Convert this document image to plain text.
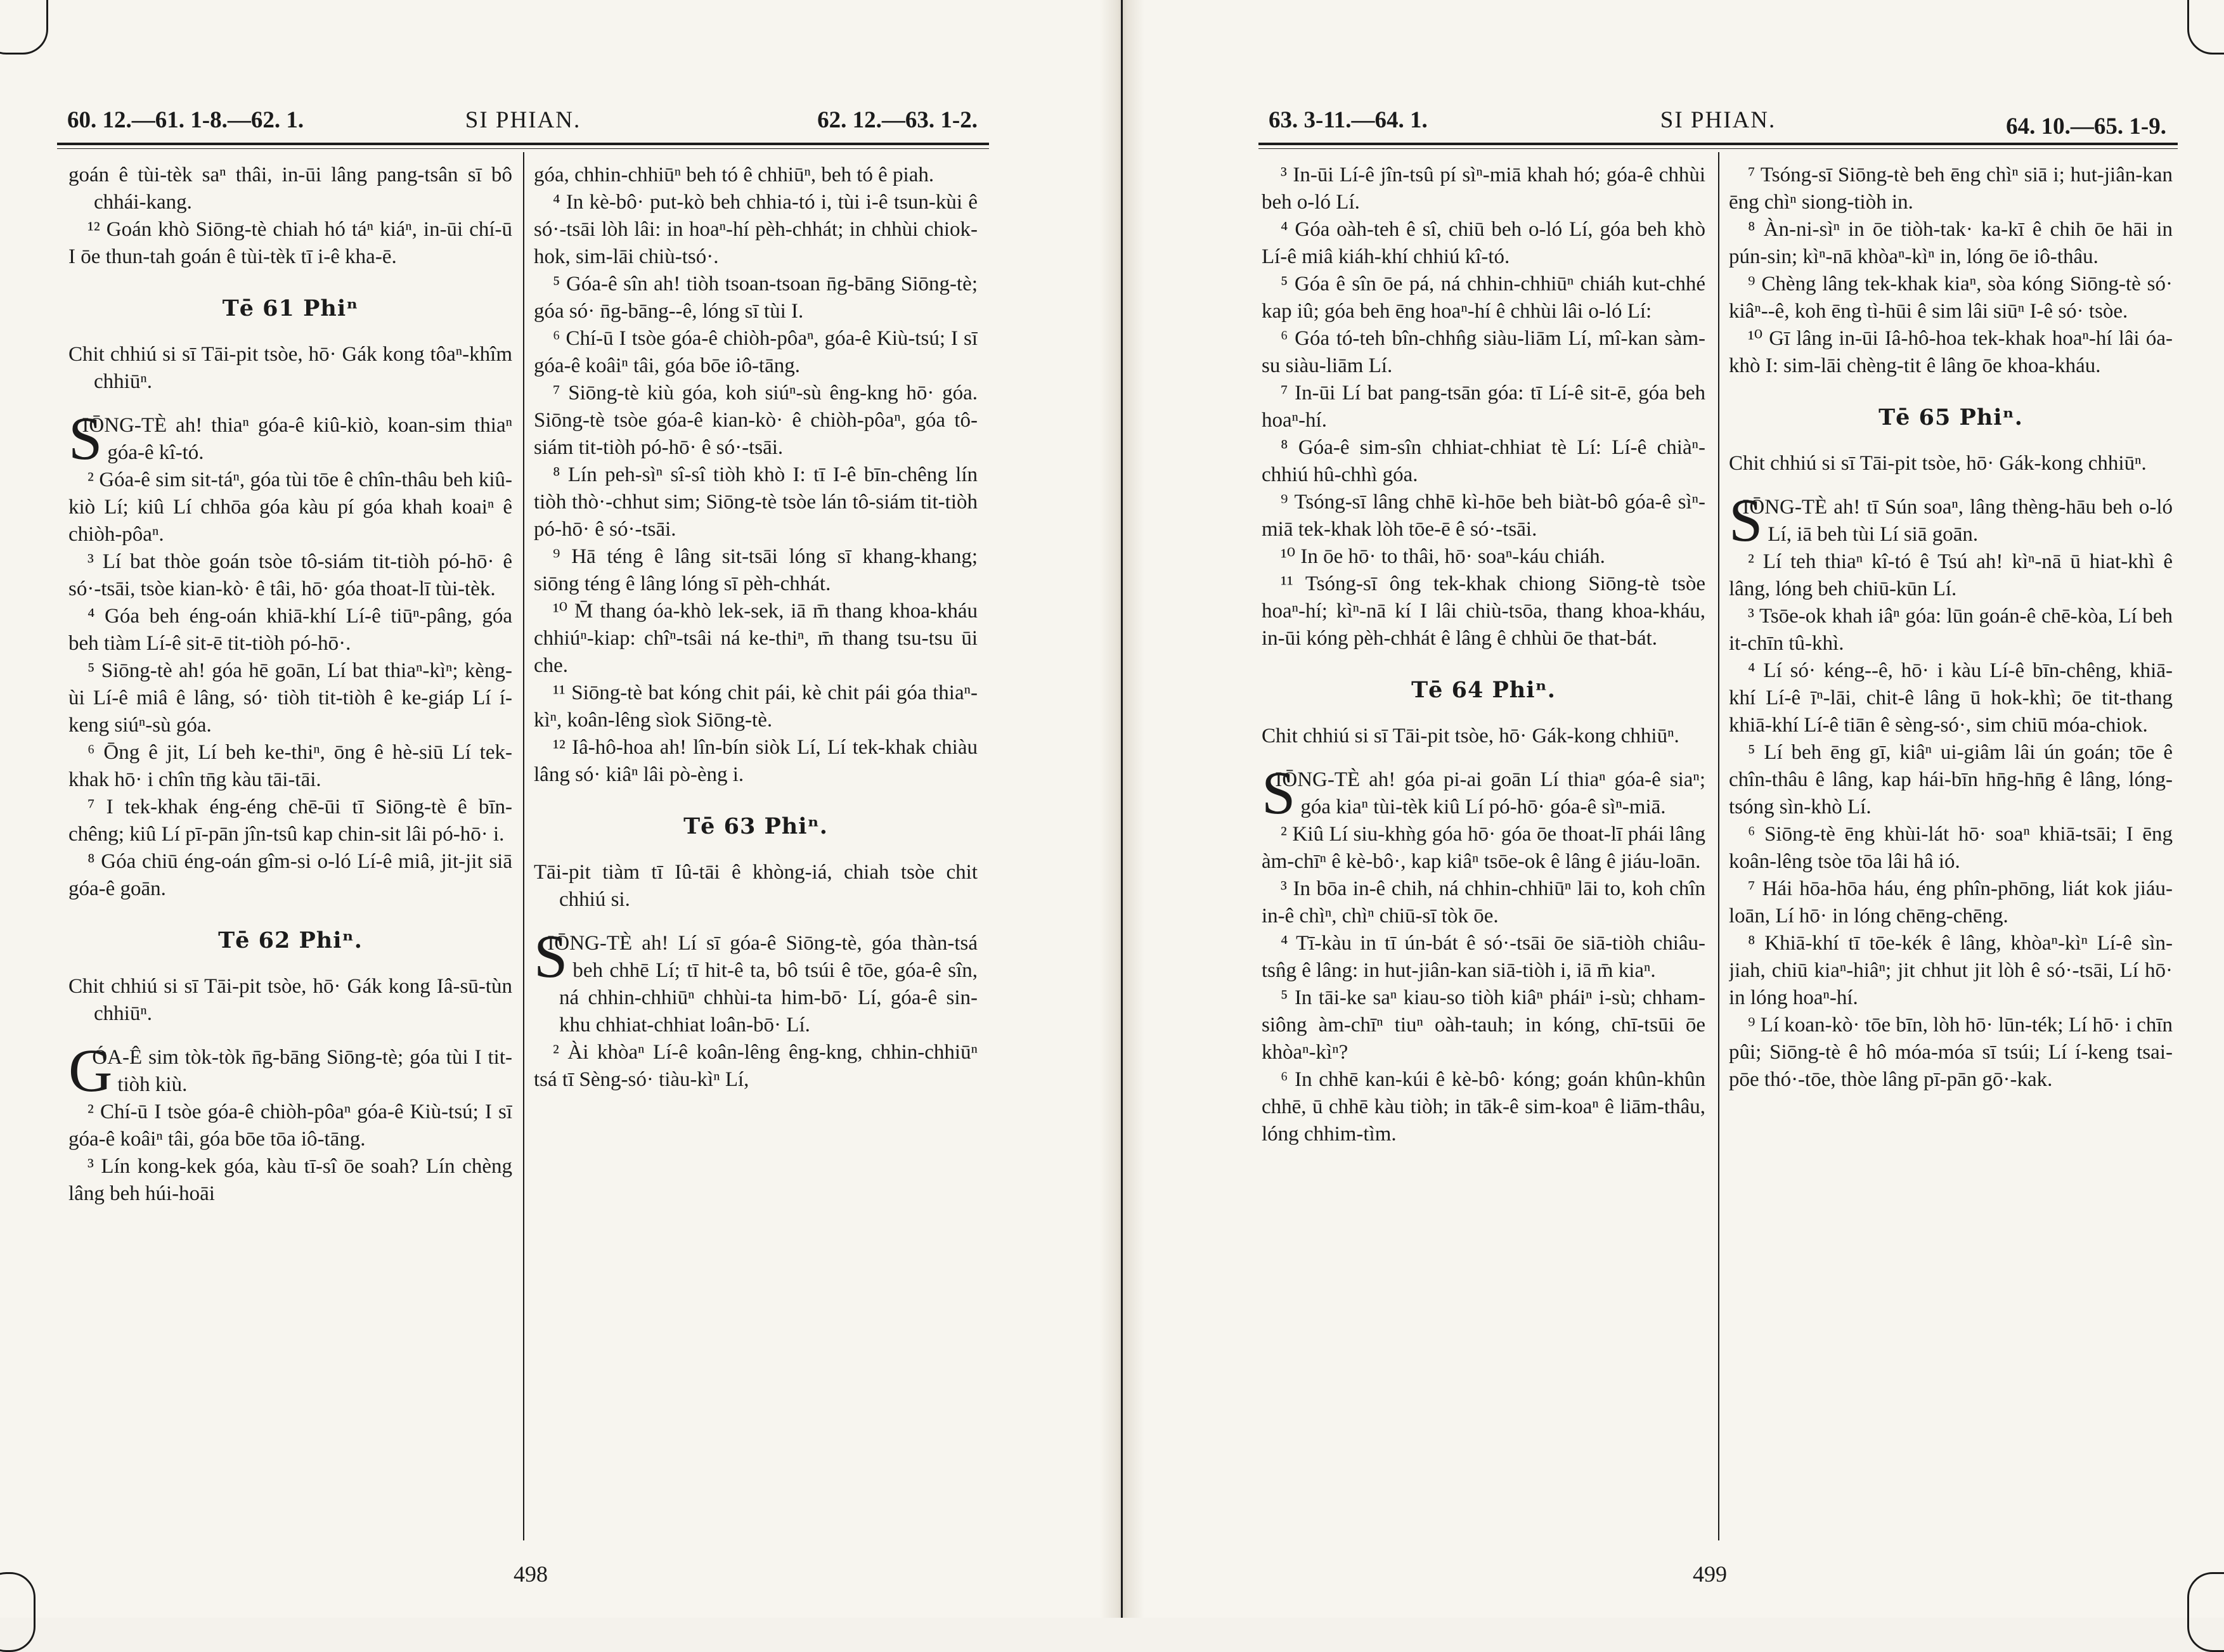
60. 12.—61. 1-8.—62. 1.	SI PHIAN.	62. 12.—63. 1-2.

goán ê tùi-tèk saⁿ thâi, in-ūi lâng pang-tsân sī bô chhái-kang.

¹² Goán khò Siōng-tè chiah hó táⁿ kiáⁿ, in-ūi chí-ū I ōe thun-tah goán ê tùi-tèk tī i-ê kha-ē.

Tē 61 Phiⁿ

Chit chhiú si sī Tāi-pit tsòe, hō· Gák kong tôaⁿ-khîm chhiūⁿ.

SIŌNG-TÈ ah! thiaⁿ góa-ê kiû-kiò, koan-sim thiaⁿ góa-ê kî-tó.

² Góa-ê sim sit-táⁿ, góa tùi tōe ê chîn-thâu beh kiû-kiò Lí; kiû Lí chhōa góa kàu pí góa khah koaiⁿ ê chiòh-pôaⁿ.

³ Lí bat thòe goán tsòe tô-siám tit-tiòh pó-hō· ê só·-tsāi, tsòe kian-kò· ê tâi, hō· góa thoat-lī tùi-tèk.

⁴ Góa beh éng-oán khiā-khí Lí-ê tiūⁿ-pâng, góa beh tiàm Lí-ê sit-ē tit-tiòh pó-hō·.

⁵ Siōng-tè ah! góa hē goān, Lí bat thiaⁿ-kìⁿ; kèng-ùi Lí-ê miâ ê lâng, só· tiòh tit-tiòh ê ke-giáp Lí í-keng siúⁿ-sù góa.

⁶ Ōng ê jit, Lí beh ke-thiⁿ, ōng ê hè-siū Lí tek-khak hō· i chîn tn̄g kàu tāi-tāi.

⁷ I tek-khak éng-éng chē-ūi tī Siōng-tè ê bīn-chêng; kiû Lí pī-pān jîn-tsû kap chin-sit lâi pó-hō· i.

⁸ Góa chiū éng-oán gîm-si o-ló Lí-ê miâ, jit-jit siā góa-ê goān.

Tē 62 Phiⁿ.

Chit chhiú si sī Tāi-pit tsòe, hō· Gák kong Iâ-sū-tùn chhiūⁿ.

GÓA-Ê sim tòk-tòk n̄g-bāng Siōng-tè; góa tùi I tit-tiòh kiù.

² Chí-ū I tsòe góa-ê chiòh-pôaⁿ góa-ê Kiù-tsú; I sī góa-ê koâiⁿ tâi, góa bōe tōa iô-tāng.

³ Lín kong-kek góa, kàu tī-sî ōe soah? Lín chèng lâng beh húi-hoāi

góa, chhin-chhiūⁿ beh tó ê chhiūⁿ, beh tó ê piah.

⁴ In kè-bô· put-kò beh chhia-tó i, tùi i-ê tsun-kùi ê só·-tsāi lòh lâi: in hoaⁿ-hí pèh-chhát; in chhùi chiok-hok, sim-lāi chiù-tsó·.

⁵ Góa-ê sîn ah! tiòh tsoan-tsoan n̄g-bāng Siōng-tè; góa só· n̄g-bāng--ê, lóng sī tùi I.

⁶ Chí-ū I tsòe góa-ê chiòh-pôaⁿ, góa-ê Kiù-tsú; I sī góa-ê koâiⁿ tâi, góa bōe iô-tāng.

⁷ Siōng-tè kiù góa, koh siúⁿ-sù êng-kng hō· góa. Siōng-tè tsòe góa-ê kian-kò· ê chiòh-pôaⁿ, góa tô-siám tit-tiòh pó-hō· ê só·-tsāi.

⁸ Lín peh-sìⁿ sî-sî tiòh khò I: tī I-ê bīn-chêng lín tiòh thò·-chhut sim; Siōng-tè tsòe lán tô-siám tit-tiòh pó-hō· ê só·-tsāi.

⁹ Hā téng ê lâng sit-tsāi lóng sī khang-khang; siōng téng ê lâng lóng sī pèh-chhát.

¹⁰ M̄ thang óa-khò lek-sek, iā m̄ thang khoa-kháu chhiúⁿ-kiap: chîⁿ-tsâi ná ke-thiⁿ, m̄ thang tsu-tsu ūi che.

¹¹ Siōng-tè bat kóng chit pái, kè chit pái góa thiaⁿ-kìⁿ, koân-lêng sìok Siōng-tè.

¹² Iâ-hô-hoa ah! lîn-bín siòk Lí, Lí tek-khak chiàu lâng só· kiâⁿ lâi pò-èng i.

Tē 63 Phiⁿ.

Tāi-pit tiàm tī Iû-tāi ê khòng-iá, chiah tsòe chit chhiú si.

SIŌNG-TÈ ah! Lí sī góa-ê Siōng-tè, góa thàn-tsá beh chhē Lí; tī hit-ê ta, bô tsúi ê tōe, góa-ê sîn, ná chhin-chhiūⁿ chhùi-ta him-bō· Lí, góa-ê sin-khu chhiat-chhiat loân-bō· Lí.

² Ài khòaⁿ Lí-ê koân-lêng êng-kng, chhin-chhiūⁿ tsá tī Sèng-só· tiàu-kìⁿ Lí,

498
63. 3-11.—64. 1.	SI PHIAN.	64. 10.—65. 1-9.

³ In-ūi Lí-ê jîn-tsû pí sìⁿ-miā khah hó; góa-ê chhùi beh o-ló Lí.

⁴ Góa oàh-teh ê sî, chiū beh o-ló Lí, góa beh khò Lí-ê miâ kiáh-khí chhiú kî-tó.

⁵ Góa ê sîn ōe pá, ná chhin-chhiūⁿ chiáh kut-chhé kap iû; góa beh ēng hoaⁿ-hí ê chhùi lâi o-ló Lí:

⁶ Góa tó-teh bîn-chhn̂g siàu-liām Lí, mî-kan sàm-su siàu-liām Lí.

⁷ In-ūi Lí bat pang-tsān góa: tī Lí-ê sit-ē, góa beh hoaⁿ-hí.

⁸ Góa-ê sim-sîn chhiat-chhiat tè Lí: Lí-ê chiàⁿ-chhiú hû-chhì góa.

⁹ Tsóng-sī lâng chhē kì-hōe beh biàt-bô góa-ê sìⁿ-miā tek-khak lòh tōe-ē ê só·-tsāi.

¹⁰ In ōe hō· to thâi, hō· soaⁿ-káu chiáh.

¹¹ Tsóng-sī ông tek-khak chiong Siōng-tè tsòe hoaⁿ-hí; kìⁿ-nā kí I lâi chiù-tsōa, thang khoa-kháu, in-ūi kóng pèh-chhát ê lâng ê chhùi ōe that-bát.

Tē 64 Phiⁿ.

Chit chhiú si sī Tāi-pit tsòe, hō· Gák-kong chhiūⁿ.

SIŌNG-TÈ ah! góa pi-ai goān Lí thiaⁿ góa-ê siaⁿ; góa kiaⁿ tùi-tèk kiû Lí pó-hō· góa-ê sìⁿ-miā.

² Kiû Lí siu-khǹg góa hō· góa ōe thoat-lī phái lâng àm-chīⁿ ê kè-bô·, kap kiâⁿ tsōe-ok ê lâng ê jiáu-loān.

³ In bōa in-ê chih, ná chhin-chhiūⁿ lāi to, koh chîn in-ê chìⁿ, chìⁿ chiū-sī tòk ōe.

⁴ Tī-kàu in tī ún-bát ê só·-tsāi ōe siā-tiòh chiâu-tsn̂g ê lâng: in hut-jiân-kan siā-tiòh i, iā m̄ kiaⁿ.

⁵ In tāi-ke saⁿ kiau-so tiòh kiâⁿ pháiⁿ i-sù; chham-siông àm-chīⁿ tiuⁿ oàh-tauh; in kóng, chī-tsūi ōe khòaⁿ-kìⁿ?

⁶ In chhē kan-kúi ê kè-bô· kóng; goán khûn-khûn chhē, ū chhē kàu tiòh; in tāk-ê sim-koaⁿ ê liām-thâu, lóng chhim-tìm.

⁷ Tsóng-sī Siōng-tè beh ēng chìⁿ siā i; hut-jiân-kan ēng chìⁿ siong-tiòh in.

⁸ Àn-ni-sìⁿ in ōe tiòh-tak· ka-kī ê chih ōe hāi in pún-sin; kìⁿ-nā khòaⁿ-kìⁿ in, lóng ōe iô-thâu.

⁹ Chèng lâng tek-khak kiaⁿ, sòa kóng Siōng-tè só· kiâⁿ--ê, koh ēng tì-hūi ê sim lâi siūⁿ I-ê só· tsòe.

¹⁰ Gī lâng in-ūi Iâ-hô-hoa tek-khak hoaⁿ-hí lâi óa-khò I: sim-lāi chèng-tit ê lâng ōe khoa-kháu.

Tē 65 Phiⁿ.

Chit chhiú si sī Tāi-pit tsòe, hō· Gák-kong chhiūⁿ.

SIŌNG-TÈ ah! tī Sún soaⁿ, lâng thèng-hāu beh o-ló Lí, iā beh tùi Lí siā goān.

² Lí teh thiaⁿ kî-tó ê Tsú ah! kìⁿ-nā ū hiat-khì ê lâng, lóng beh chiū-kūn Lí.

³ Tsōe-ok khah iâⁿ góa: lūn goán-ê chē-kòa, Lí beh it-chīn tû-khì.

⁴ Lí só· kéng--ê, hō· i kàu Lí-ê bīn-chêng, khiā-khí Lí-ê īⁿ-lāi, chit-ê lâng ū hok-khì; ōe tit-thang khiā-khí Lí-ê tiān ê sèng-só·, sim chiū móa-chiok.

⁵ Lí beh ēng gī, kiâⁿ ui-giâm lâi ún goán; tōe ê chîn-thâu ê lâng, kap hái-bīn hn̄g-hn̄g ê lâng, lóng-tsóng sìn-khò Lí.

⁶ Siōng-tè ēng khùi-lát hō· soaⁿ khiā-tsāi; I ēng koân-lêng tsòe tōa lâi hâ ió.

⁷ Hái hōa-hōa háu, éng phîn-phōng, liát kok jiáu-loān, Lí hō· in lóng chēng-chēng.

⁸ Khiā-khí tī tōe-kék ê lâng, khòaⁿ-kìⁿ Lí-ê sìn-jiah, chiū kiaⁿ-hiâⁿ; jit chhut jit lòh ê só·-tsāi, Lí hō· in lóng hoaⁿ-hí.

⁹ Lí koan-kò· tōe bīn, lòh hō· lūn-ték; Lí hō· i chīn pûi; Siōng-tè ê hô móa-móa sī tsúi; Lí í-keng tsai-pōe thó·-tōe, thòe lâng pī-pān gō·-kak.

499
